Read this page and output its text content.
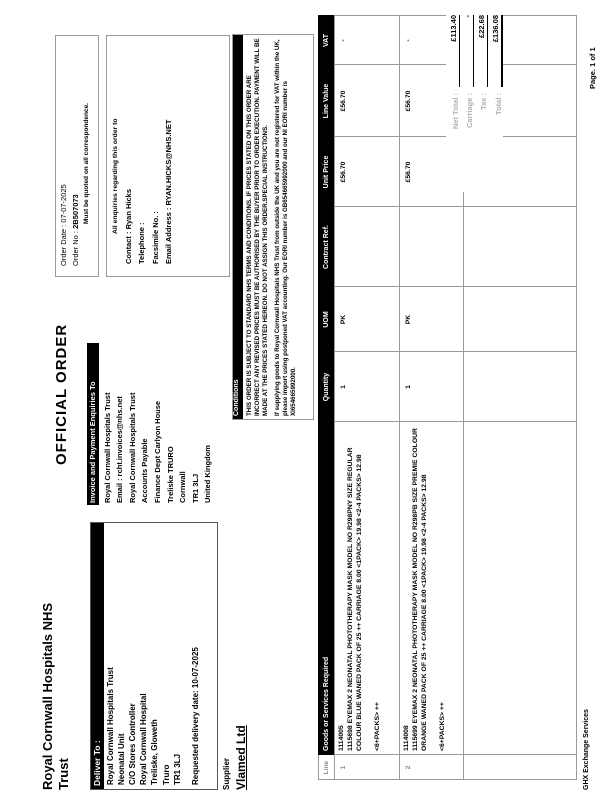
Royal Cornwall Hospitals NHS Trust
OFFICIAL ORDER
Order Date : 07-07-2025
Order No : 2B507073 Must be quoted on all correspondence.	All enquiries regarding this order to Contact : Ryan Hicks Telephone : Facsimile No. : Email Address : RYAN.HICKS@NHS.NET
Deliver To : Royal Cornwall Hospitals Trust Neonatal Unit C/O Stores Controller Royal Cornwall Hospital Treliske, Gloweth Truro TR1 3LJ Requested delivery date: 10-07-2025
Invoice and Payment Enquiries To Royal Cornwall Hospitals Trust Email : rcht.invoices@nhs.net Royal Cornwall Hospitals Trust Accounts Payable Finance Dept Carlyon House Treliske TRURO Cornwall TR1 3LJ United Kingdom
Supplier Vlamed Ltd
Conditions THIS ORDER IS SUBJECT TO STANDARD NHS TERMS AND CONDITIONS. IF PRICES STATED ON THIS ORDER ARE INCORRECT ANY REVISED PRICES MUST BE AUTHORISED BY THE BUYER PRIOR TO ORDER EXECUTION. PAYMENT WILL BE MADE AT THE PRICES STATED HEREON. DO NOT ASSIGN THIS ORDER.SPECIAL INSTRUCTIONS. If supplying goods to Royal Cornwall Hospitals NHS Trust from outside the UK and you are not registered for VAT within the UK, please import using postponed VAT accounting. Our EORI number is GB654665992000 and our NI EORI number is XI654665992000.

Line
Goods or Services Required
Quantity
UOM
Contract Ref.
Unit Price
Line Value
VAT
1
1114005 1115698 EYEMAX 2 NEONATAL PHOTOTHERAPY MASK MODEL NO R298PNY SIZE REGULAR COLOUR BLUE WANED PACK OF 25 ++ CARRIAGE 8.00 <1PACK> 19.98 <2-4 PACKS> 12.98 <6+PACKS> ++
1
PK
£56.70
£56.70
-
2
1114008 1115699 EYEMAX 2 NEONATAL PHOTOTHERAPY MASK MODEL NO R298PB SIZE PREMIE COLOUR ORANGE WANED PACK OF 25 ++ CARRIAGE 8.00 <1PACK> 19.98 <2-4 PACKS> 12.98 <6+PACKS> ++
1
PK
£56.70
£56.70
-
Net Total :
£113.40
Carriage :
-
Tax :
£22.68
Total :
£136.08
GHX Exchange Services
Page. 1 of 1
